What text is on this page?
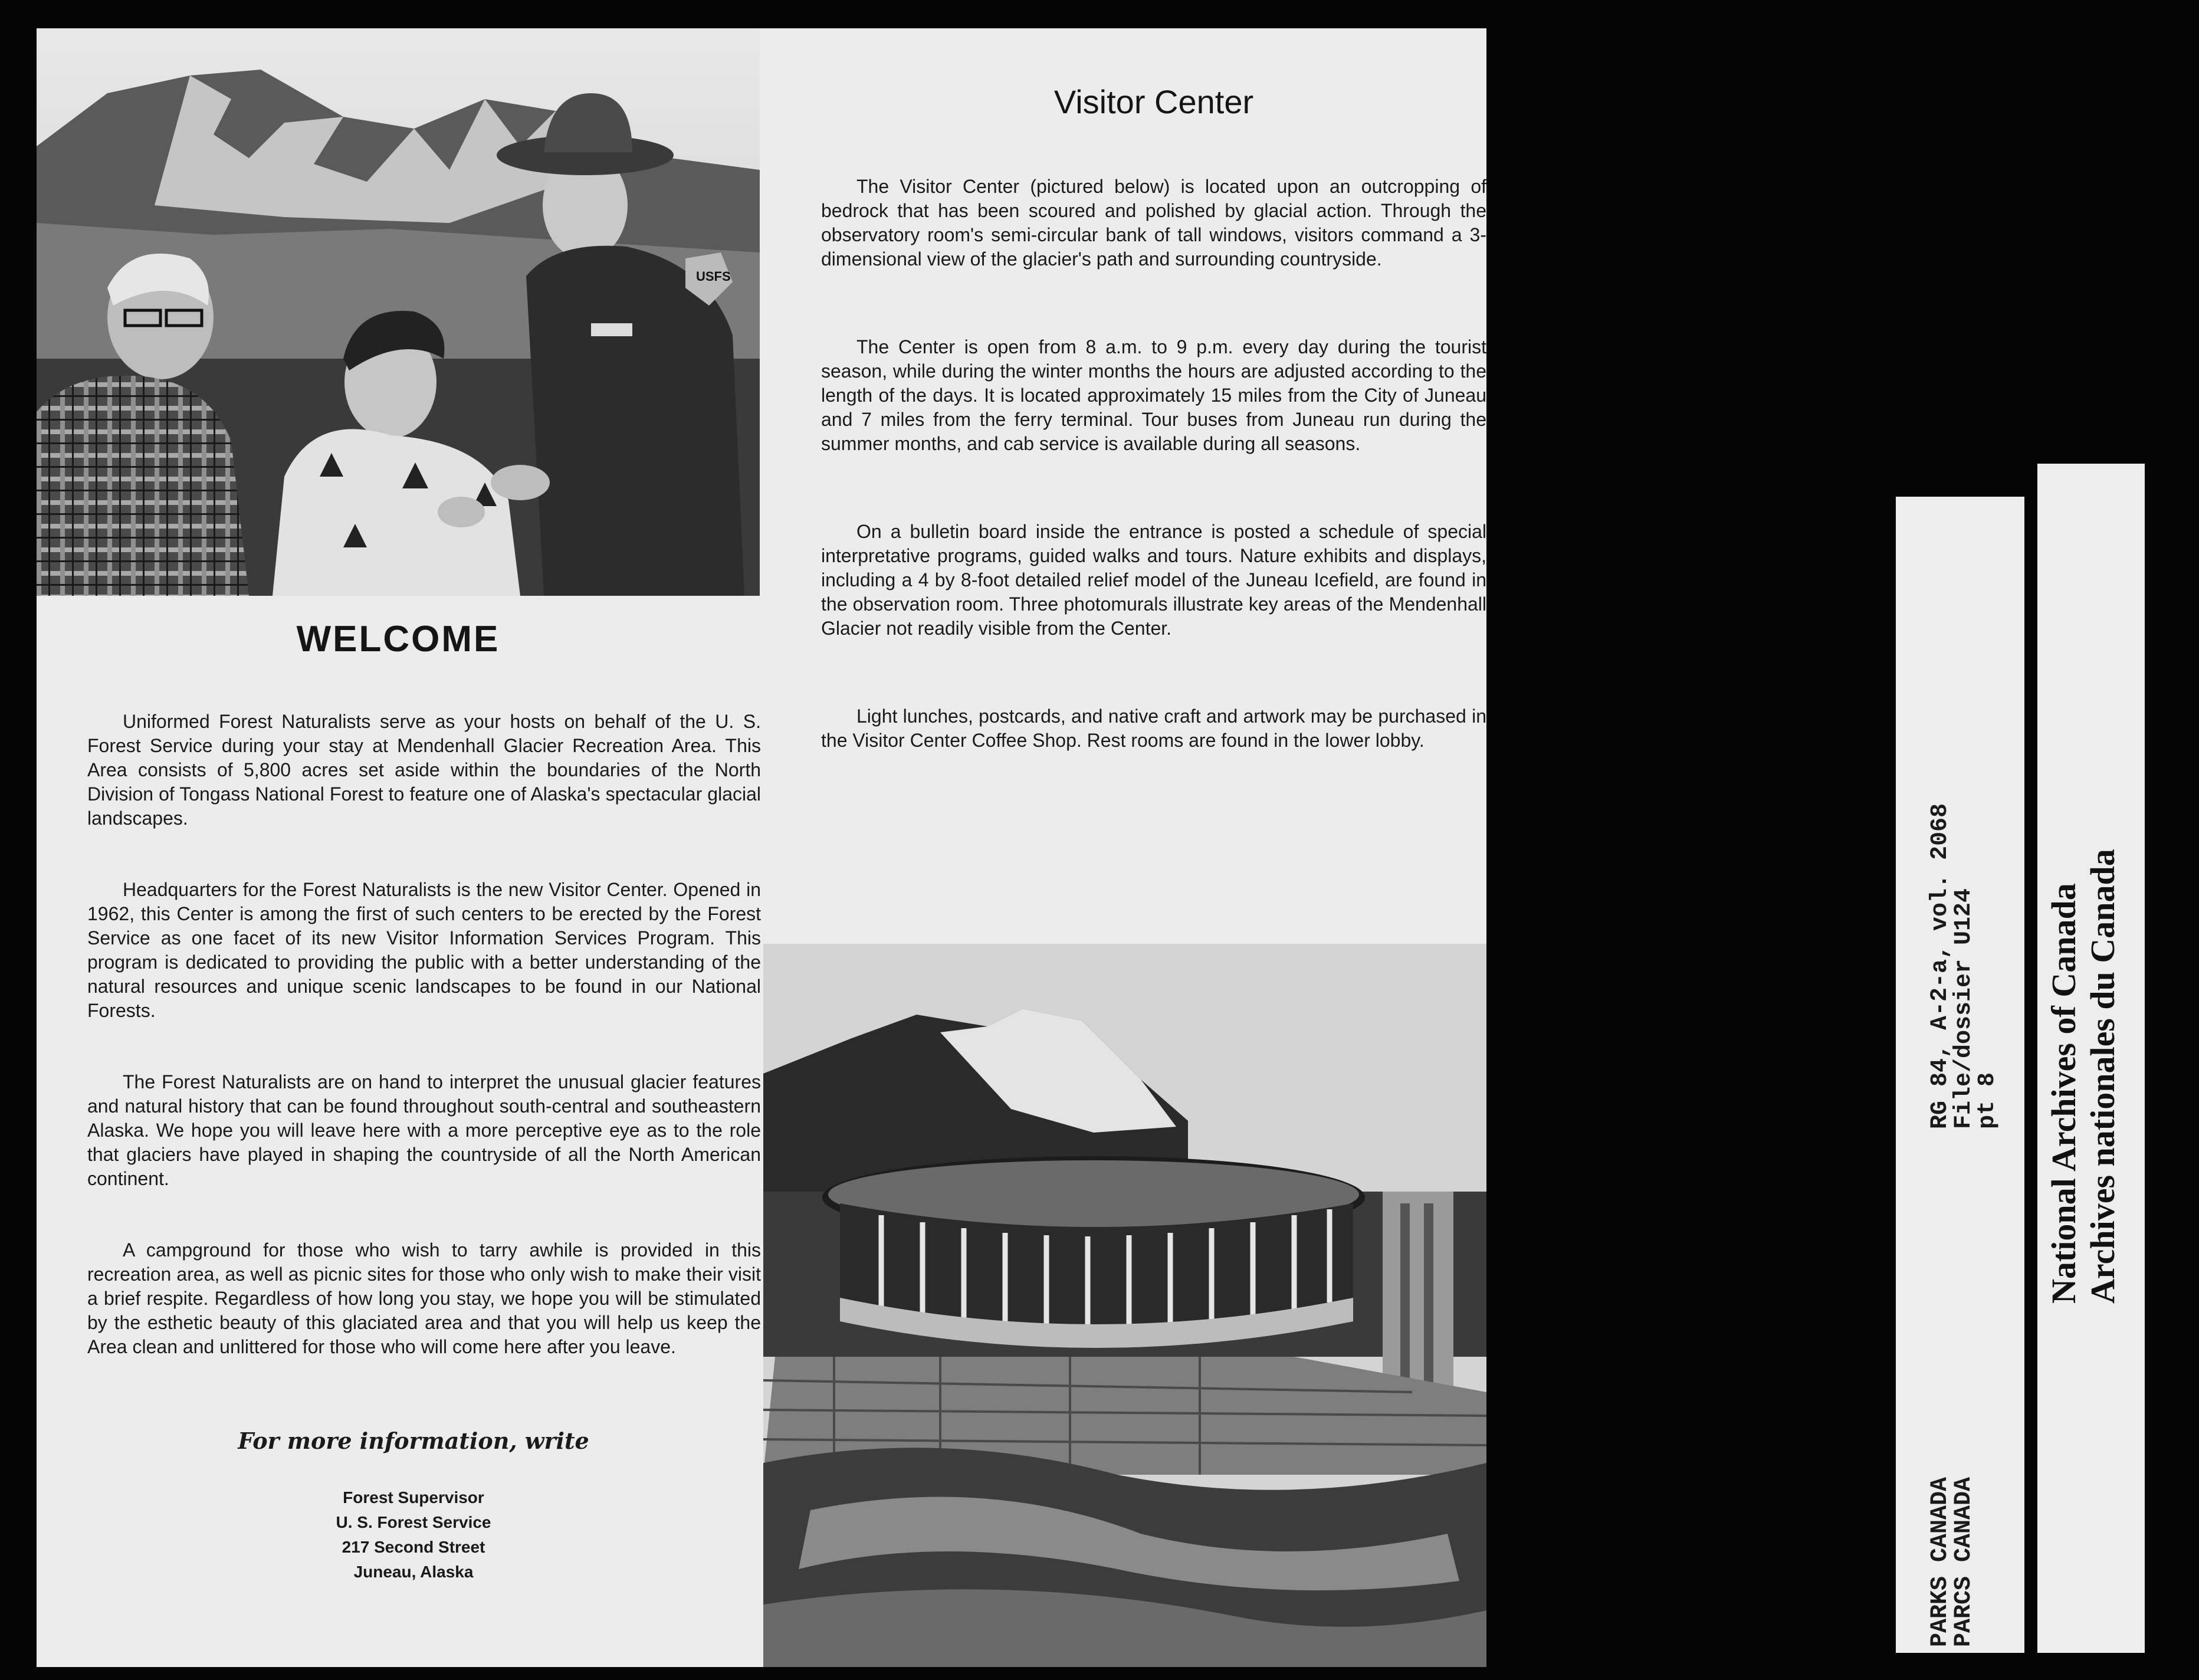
USFS
WELCOME

Uniformed Forest Naturalists serve as your hosts on behalf of the U. S. Forest Service during your stay at Mendenhall Glacier Recreation Area. This Area consists of 5,800 acres set aside within the boundaries of the North Division of Tongass National Forest to feature one of Alaska's spectacular glacial landscapes.

Headquarters for the Forest Naturalists is the new Visitor Center. Opened in 1962, this Center is among the first of such centers to be erected by the Forest Service as one facet of its new Visitor Information Services Program. This program is dedicated to providing the public with a better understanding of the natural resources and unique scenic landscapes to be found in our National Forests.

The Forest Naturalists are on hand to interpret the unusual glacier features and natural history that can be found throughout south-central and southeastern Alaska. We hope you will leave here with a more perceptive eye as to the role that glaciers have played in shaping the countryside of all the North American continent.

A campground for those who wish to tarry awhile is provided in this recreation area, as well as picnic sites for those who only wish to make their visit a brief respite. Regardless of how long you stay, we hope you will be stimulated by the esthetic beauty of this glaciated area and that you will help us keep the Area clean and unlittered for those who will come here after you leave.

For more information, write
Forest Supervisor
U. S. Forest Service
217 Second Street
Juneau, Alaska
Visitor Center

The Visitor Center (pictured below) is located upon an outcropping of bedrock that has been scoured and polished by glacial action. Through the observatory room's semi-circular bank of tall windows, visitors command a 3-dimensional view of the glacier's path and surrounding countryside.

The Center is open from 8 a.m. to 9 p.m. every day during the tourist season, while during the winter months the hours are adjusted according to the length of the days. It is located approximately 15 miles from the City of Juneau and 7 miles from the ferry terminal. Tour buses from Juneau run during the summer months, and cab service is available during all seasons.

On a bulletin board inside the entrance is posted a schedule of special interpretative programs, guided walks and tours. Nature exhibits and displays, including a 4 by 8-foot detailed relief model of the Juneau Icefield, are found in the observation room. Three photomurals illustrate key areas of the Mendenhall Glacier not readily visible from the Center.

Light lunches, postcards, and native craft and artwork may be purchased in the Visitor Center Coffee Shop. Rest rooms are found in the lower lobby.

PARKS CANADA
PARCS CANADA
RG 84, A-2-a, vol. 2068
File/dossier U124
pt 8 National Archives of Canada Archives nationales du Canada
